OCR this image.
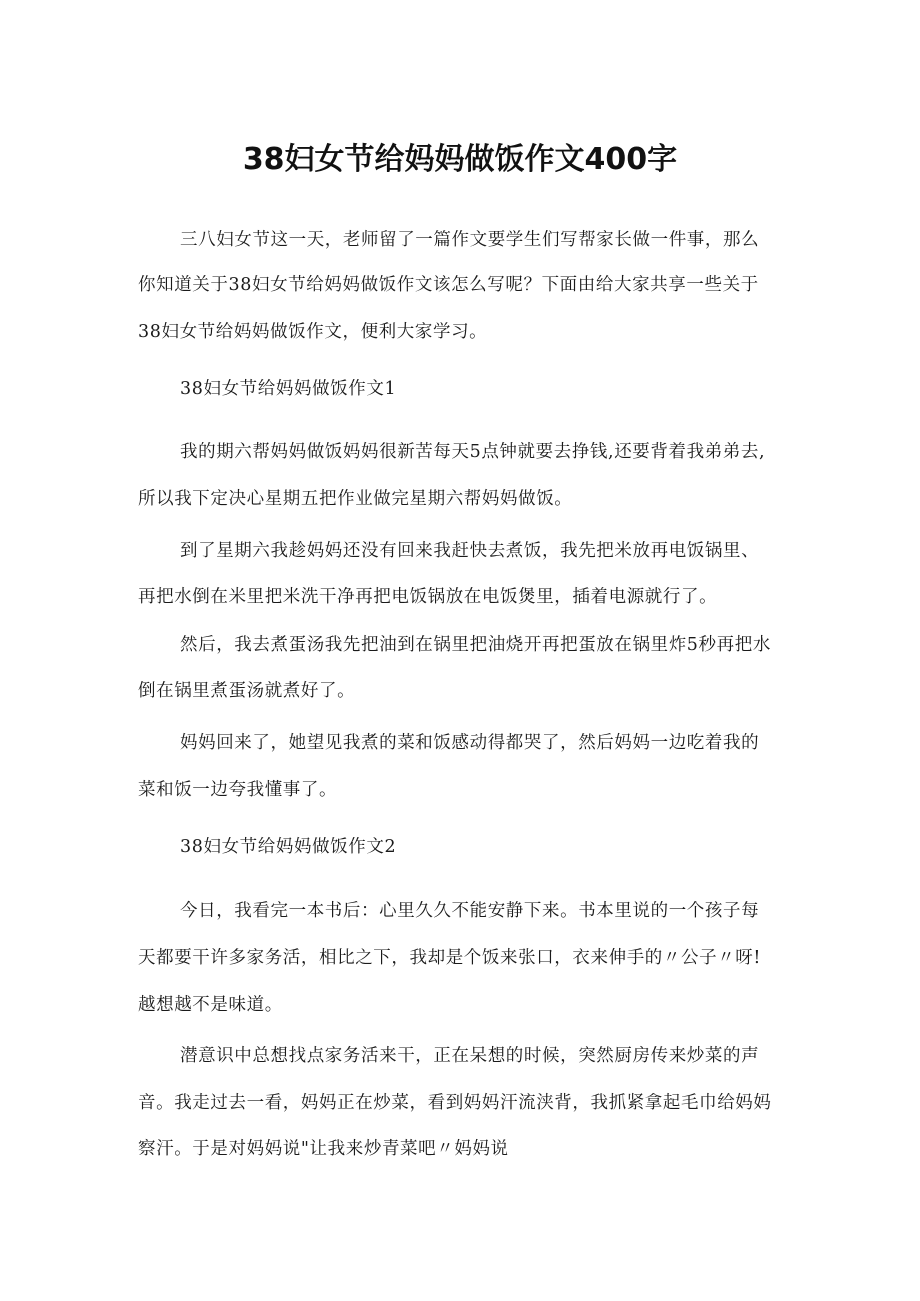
38妇女节给妈妈做饭作文400字
三八妇女节这一天，老师留了一篇作文要学生们写帮家长做一件事，那么
你知道关于38妇女节给妈妈做饭作文该怎么写呢？下面由给大家共享一些关于
38妇女节给妈妈做饭作文，便利大家学习。
38妇女节给妈妈做饭作文1
我的期六帮妈妈做饭妈妈很新苦每天5点钟就要去挣钱,还要背着我弟弟去,
所以我下定决心星期五把作业做完星期六帮妈妈做饭。
到了星期六我趁妈妈还没有回来我赶快去煮饭，我先把米放再电饭锅里、
再把水倒在米里把米洗干净再把电饭锅放在电饭煲里，插着电源就行了。
然后，我去煮蛋汤我先把油到在锅里把油烧开再把蛋放在锅里炸5秒再把水
倒在锅里煮蛋汤就煮好了。
妈妈回来了，她望见我煮的菜和饭感动得都哭了，然后妈妈一边吃着我的
菜和饭一边夸我懂事了。
38妇女节给妈妈做饭作文2
今日，我看完一本书后：心里久久不能安静下来。书本里说的一个孩子每
天都要干许多家务活，相比之下，我却是个饭来张口，衣来伸手的〃公子〃呀!
越想越不是味道。
潜意识中总想找点家务活来干，正在呆想的时候，突然厨房传来炒菜的声
音。我走过去一看，妈妈正在炒菜，看到妈妈汗流浃背，我抓紧拿起毛巾给妈妈
察汗。于是对妈妈说"让我来炒青菜吧〃妈妈说
